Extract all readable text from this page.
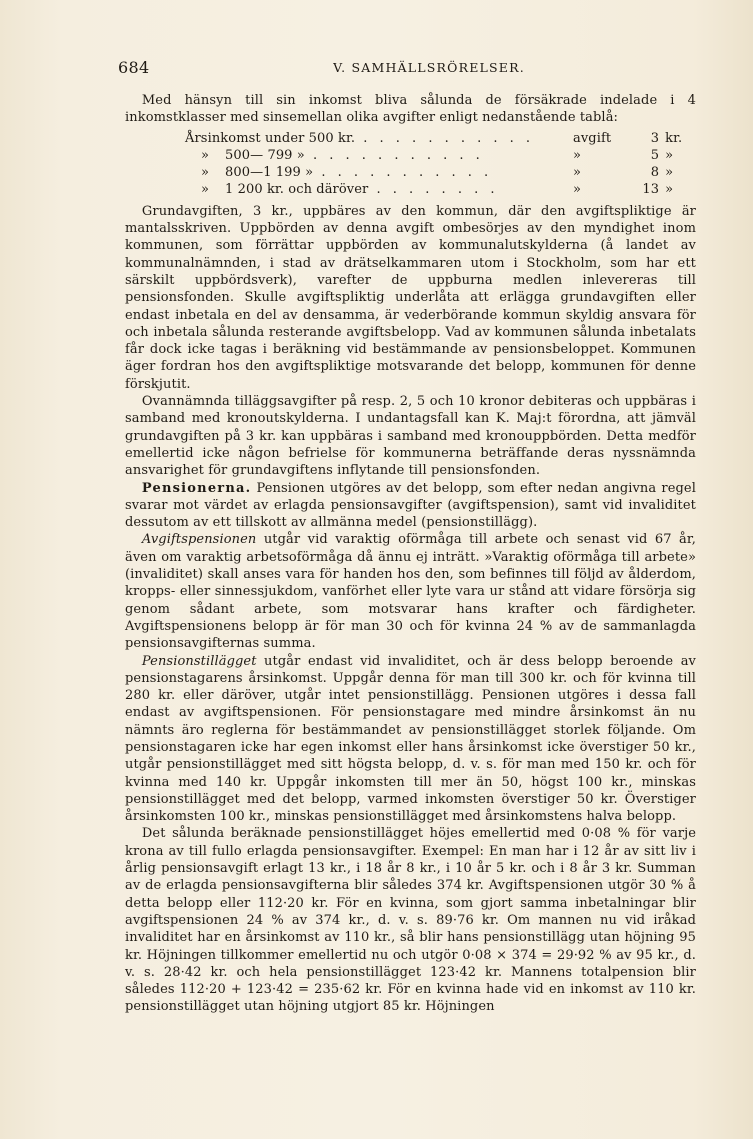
684	V. SAMHÄLLSRÖRELSER.

Med hänsyn till sin inkomst bliva sålunda de försäkrade indelade i 4 inkomstklasser med sinsemellan olika avgifter enligt nedanstående tablå:

Årsinkomst under 500 kr. . . . . . . . . . . .		avgift	3	kr.
»	500— 799 » . . . . . . . . . . .	»	5	»
»	800—1 199 » . . . . . . . . . . .	»	8	»
»	1 200 kr. och däröver . . . . . . . .	»	13	»

Grundavgiften, 3 kr., uppbäres av den kommun, där den avgiftspliktige är mantalsskriven. Uppbörden av denna avgift ombesörjes av den myndighet inom kommunen, som förrättar uppbörden av kommunalutskylderna (å landet av kommunalnämnden, i stad av drätselkammaren utom i Stockholm, som har ett särskilt uppbördsverk), varefter de uppburna medlen inlevereras till pensionsfonden. Skulle avgiftspliktig underlåta att erlägga grundavgiften eller endast inbetala en del av densamma, är vederbörande kommun skyldig ansvara för och inbetala sålunda resterande avgiftsbelopp. Vad av kommunen sålunda inbetalats får dock icke tagas i beräkning vid bestämmande av pensionsbeloppet. Kommunen äger fordran hos den avgiftspliktige motsvarande det belopp, kommunen för denne förskjutit.

Ovannämnda tilläggsavgifter på resp. 2, 5 och 10 kronor debiteras och uppbäras i samband med kronoutskylderna. I undantagsfall kan K. Maj:t förordna, att jämväl grundavgiften på 3 kr. kan uppbäras i samband med kronouppbörden. Detta medför emellertid icke någon befrielse för kommunerna beträffande deras nyssnämnda ansvarighet för grundavgiftens inflytande till pensionsfonden.

Pensionerna. Pensionen utgöres av det belopp, som efter nedan angivna regel svarar mot värdet av erlagda pensionsavgifter (avgiftspension), samt vid invaliditet dessutom av ett tillskott av allmänna medel (pensionstillägg).

Avgiftspensionen utgår vid varaktig oförmåga till arbete och senast vid 67 år, även om varaktig arbetsoförmåga då ännu ej inträtt. »Varaktig oförmåga till arbete» (invaliditet) skall anses vara för handen hos den, som befinnes till följd av ålderdom, kropps- eller sinnessjukdom, vanförhet eller lyte vara ur stånd att vidare försörja sig genom sådant arbete, som motsvarar hans krafter och färdigheter. Avgiftspensionens belopp är för man 30 och för kvinna 24 % av de sammanlagda pensionsavgifternas summa.

Pensionstillägget utgår endast vid invaliditet, och är dess belopp beroende av pensionstagarens årsinkomst. Uppgår denna för man till 300 kr. och för kvinna till 280 kr. eller däröver, utgår intet pensionstillägg. Pensionen utgöres i dessa fall endast av avgiftspensionen. För pensionstagare med mindre årsinkomst än nu nämnts äro reglerna för bestämmandet av pensionstillägget storlek följande. Om pensionstagaren icke har egen inkomst eller hans årsinkomst icke överstiger 50 kr., utgår pensionstillägget med sitt högsta belopp, d. v. s. för man med 150 kr. och för kvinna med 140 kr. Uppgår inkomsten till mer än 50, högst 100 kr., minskas pensionstillägget med det belopp, varmed inkomsten överstiger 50 kr. Överstiger årsinkomsten 100 kr., minskas pensionstillägget med årsinkomstens halva belopp.

Det sålunda beräknade pensionstillägget höjes emellertid med 0·08 % för varje krona av till fullo erlagda pensionsavgifter. Exempel: En man har i 12 år av sitt liv i årlig pensionsavgift erlagt 13 kr., i 18 år 8 kr., i 10 år 5 kr. och i 8 år 3 kr. Summan av de erlagda pensionsavgifterna blir således 374 kr. Avgiftspensionen utgör 30 % å detta belopp eller 112·20 kr. För en kvinna, som gjort samma inbetalningar blir avgiftspensionen 24 % av 374 kr., d. v. s. 89·76 kr. Om mannen nu vid iråkad invaliditet har en årsinkomst av 110 kr., så blir hans pensionstillägg utan höjning 95 kr. Höjningen tillkommer emellertid nu och utgör 0·08 × 374 = 29·92 % av 95 kr., d. v. s. 28·42 kr. och hela pensionstillägget 123·42 kr. Mannens totalpension blir således 112·20 + 123·42 = 235·62 kr. För en kvinna hade vid en inkomst av 110 kr. pensionstillägget utan höjning utgjort 85 kr. Höjningen
